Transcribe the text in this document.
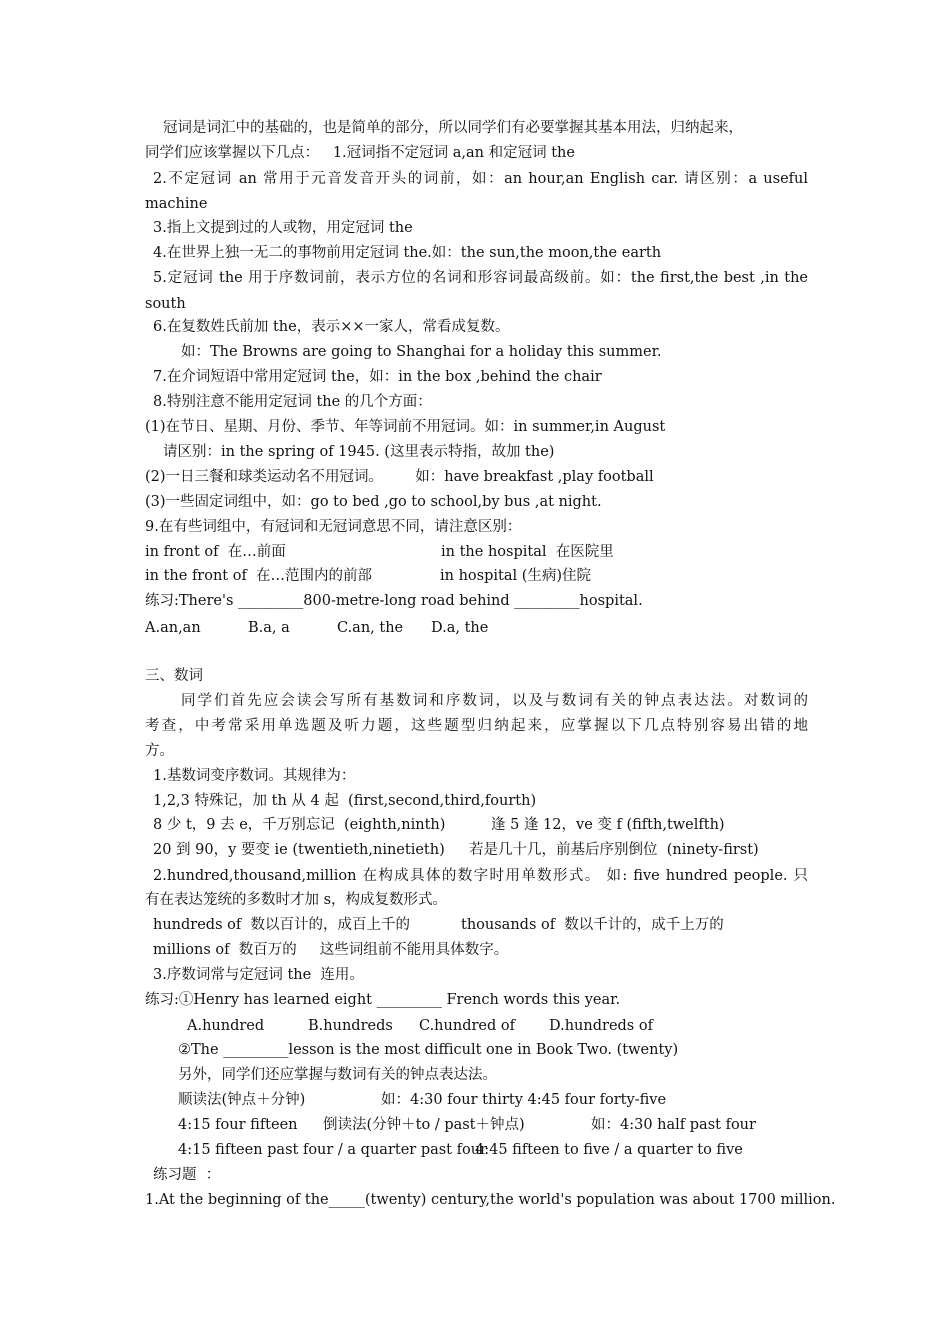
冠词是词汇中的基础的，也是简单的部分，所以同学们有必要掌握其基本用法，归纳起来，
同学们应该掌握以下几点：   1.冠词指不定冠词 a,an 和定冠词 the
2.不定冠词 an 常用于元音发音开头的词前，如：an hour,an English car. 请区别：a useful
machine
3.指上文提到过的人或物，用定冠词 the
4.在世界上独一无二的事物前用定冠词 the.如：the sun,the moon,the earth
5.定冠词 the 用于序数词前，表示方位的名词和形容词最高级前。如：the first,the best ,in the
south
6.在复数姓氏前加 the，表示××一家人，常看成复数。
如：The Browns are going to Shanghai for a holiday this summer.
7.在介词短语中常用定冠词 the，如：in the box ,behind the chair
8.特别注意不能用定冠词 the 的几个方面：
(1)在节日、星期、月份、季节、年等词前不用冠词。如：in summer,in August
请区别：in the spring of 1945. (这里表示特指，故加 the)
(2)一日三餐和球类运动名不用冠词。       如：have breakfast ,play football
(3)一些固定词组中，如：go to bed ,go to school,by bus ,at night.
9.在有些词组中，有冠词和无冠词意思不同，请注意区别：
in front of  在…前面	in the hospital  在医院里
in the front of  在…范围内的前部	in hospital (生病)住院
练习:There's _________800-metre-long road behind _________hospital.
A.an,an	B.a, a	C.an, the D.a, the
三、数词
同学们首先应会读会写所有基数词和序数词，以及与数词有关的钟点表达法。对数词的
考查，中考常采用单选题及听力题，这些题型归纳起来，应掌握以下几点特别容易出错的地
方。
1.基数词变序数词。其规律为：
1,2,3 特殊记，加 th 从 4 起  (first,second,third,fourth)
8 少 t，9 去 e，千万别忘记  (eighth,ninth)	逢 5 逢 12，ve 变 f (fifth,twelfth)
20 到 90，y 要变 ie (twentieth,ninetieth) 若是几十几，前基后序别倒位  (ninety-first)
2.hundred,thousand,million 在构成具体的数字时用单数形式。 如: five hundred people. 只
有在表达笼统的多数时才加 s，构成复数形式。
hundreds of  数以百计的，成百上千的	thousands of  数以千计的，成千上万的
millions of  数百万的     这些词组前不能用具体数字。
3.序数词常与定冠词 the  连用。
练习:①Henry has learned eight _________ French words this year.
A.hundred	B.hundreds C.hundred of D.hundreds of
②The _________lesson is the most difficult one in Book Two. (twenty)
另外，同学们还应掌握与数词有关的钟点表达法。
顺读法(钟点＋分钟)	如：4:30 four thirty 4:45 four forty-five
4:15 four fifteen 倒读法(分钟＋to / past＋钟点)	如：4:30 half past four
4:15 fifteen past four / a quarter past four
4:45 fifteen to five / a quarter to five
练习题  ：
1.At the beginning of the_____(twenty) century,the world's population was about 1700 million.
